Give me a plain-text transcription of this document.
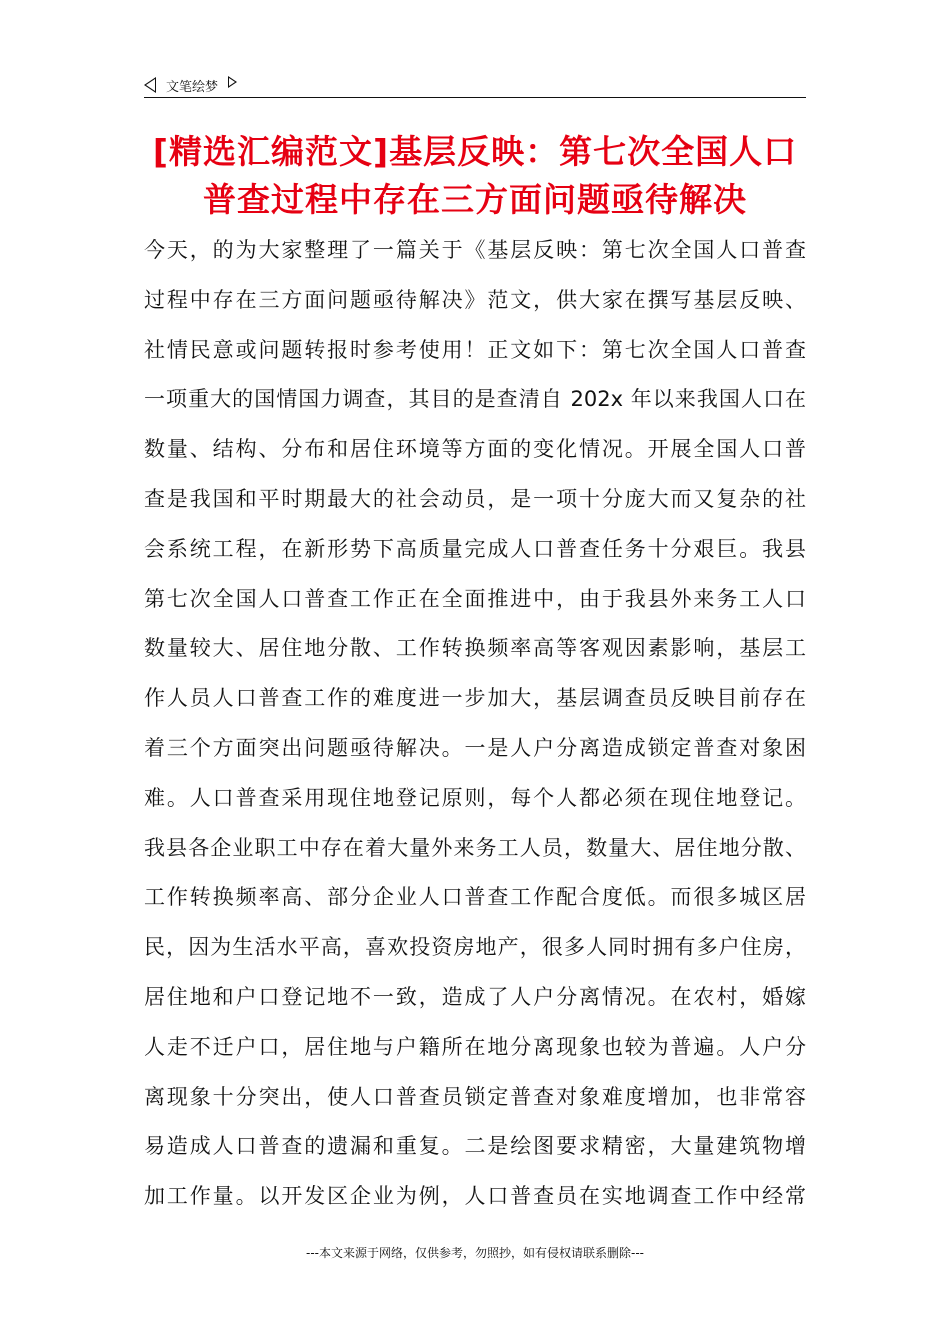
文笔绘梦
[精选汇编范文]基层反映：第七次全国人口
普查过程中存在三方面问题亟待解决
今天，的为大家整理了一篇关于《基层反映：第七次全国人口普查
过程中存在三方面问题亟待解决》范文，供大家在撰写基层反映、
社情民意或问题转报时参考使用！正文如下：第七次全国人口普查
一项重大的国情国力调查，其目的是查清自 202x 年以来我国人口在
数量、结构、分布和居住环境等方面的变化情况。开展全国人口普
查是我国和平时期最大的社会动员，是一项十分庞大而又复杂的社
会系统工程，在新形势下高质量完成人口普查任务十分艰巨。我县
第七次全国人口普查工作正在全面推进中，由于我县外来务工人口
数量较大、居住地分散、工作转换频率高等客观因素影响，基层工
作人员人口普查工作的难度进一步加大，基层调查员反映目前存在
着三个方面突出问题亟待解决。一是人户分离造成锁定普查对象困
难。人口普查采用现住地登记原则，每个人都必须在现住地登记。
我县各企业职工中存在着大量外来务工人员，数量大、居住地分散、
工作转换频率高、部分企业人口普查工作配合度低。而很多城区居
民，因为生活水平高，喜欢投资房地产，很多人同时拥有多户住房，
居住地和户口登记地不一致，造成了人户分离情况。在农村，婚嫁
人走不迁户口，居住地与户籍所在地分离现象也较为普遍。人户分
离现象十分突出，使人口普查员锁定普查对象难度增加，也非常容
易造成人口普查的遗漏和重复。二是绘图要求精密，大量建筑物增
加工作量。以开发区企业为例，人口普查员在实地调查工作中经常
---本文来源于网络，仅供参考，勿照抄，如有侵权请联系删除---
